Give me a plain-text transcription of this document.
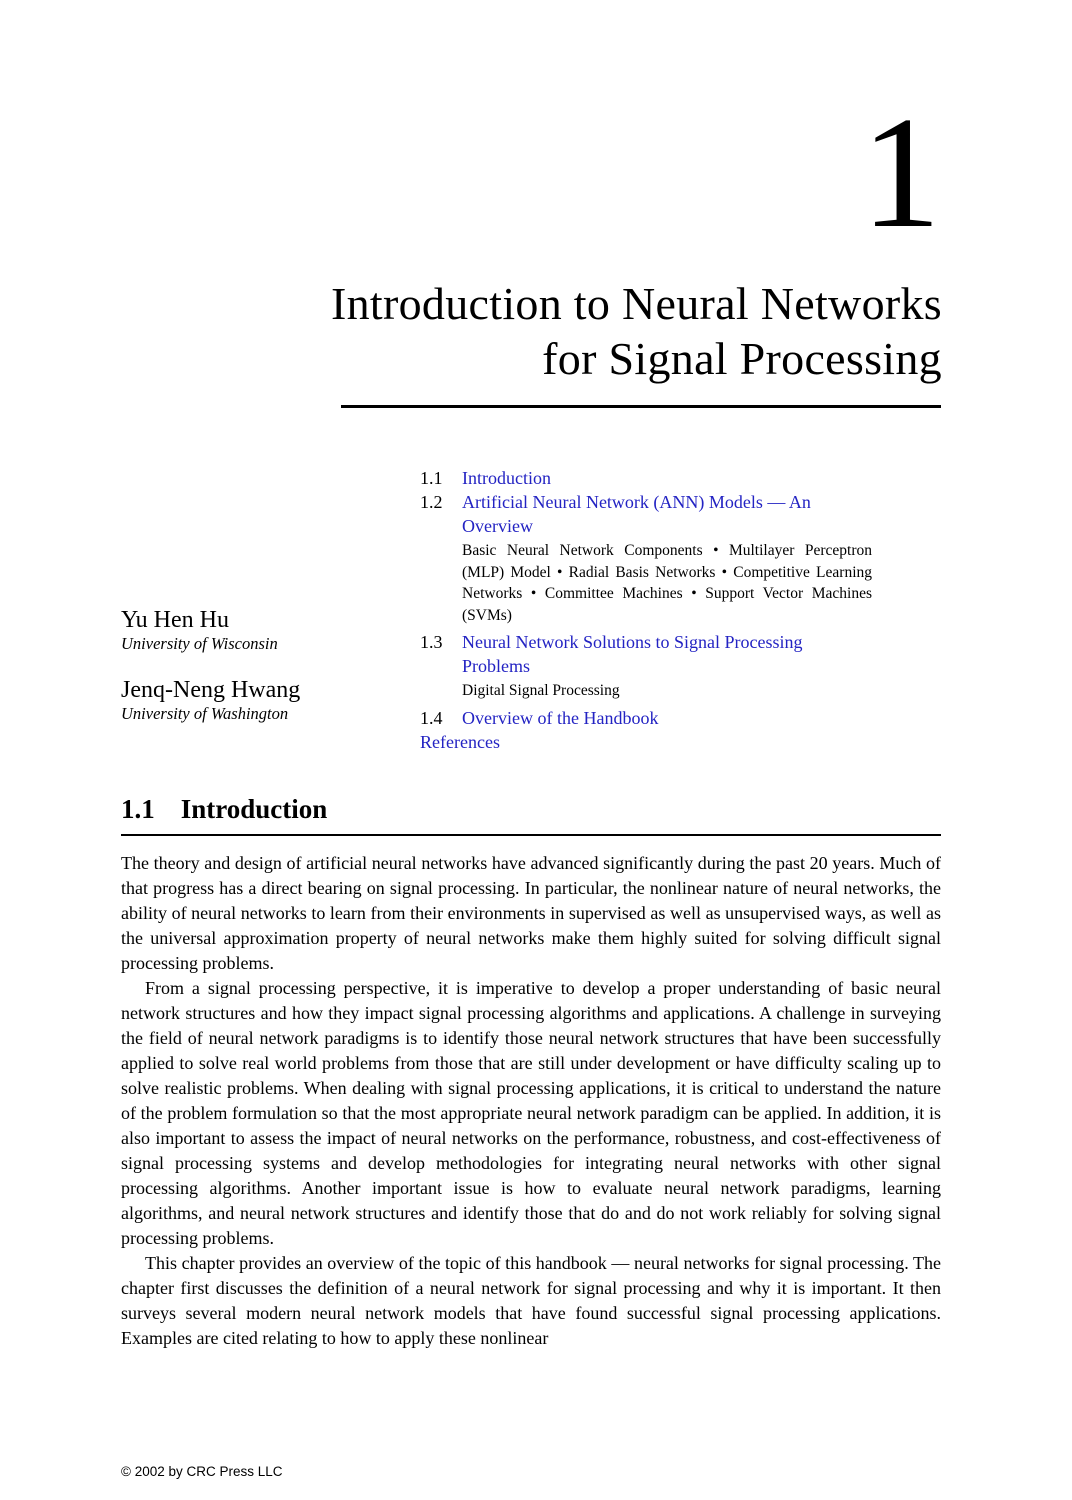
1
Introduction to Neural Networks
for Signal Processing
1.1	Introduction
1.2	Artificial Neural Network (ANN) Models — An Overview
Basic Neural Network Components • Multilayer Perceptron (MLP) Model • Radial Basis Networks • Competitive Learning Networks • Committee Machines • Support Vector Machines (SVMs)
1.3	Neural Network Solutions to Signal Processing Problems
Digital Signal Processing
1.4	Overview of the Handbook
References
Yu Hen Hu
University of Wisconsin
Jenq-Neng Hwang
University of Washington
1.1 Introduction

The theory and design of artificial neural networks have advanced significantly during the past 20 years. Much of that progress has a direct bearing on signal processing. In particular, the nonlinear nature of neural networks, the ability of neural networks to learn from their environments in supervised as well as unsupervised ways, as well as the universal approximation property of neural networks make them highly suited for solving difficult signal processing problems.

From a signal processing perspective, it is imperative to develop a proper understanding of basic neural network structures and how they impact signal processing algorithms and applications. A challenge in surveying the field of neural network paradigms is to identify those neural network structures that have been successfully applied to solve real world problems from those that are still under development or have difficulty scaling up to solve realistic problems. When dealing with signal processing applications, it is critical to understand the nature of the problem formulation so that the most appropriate neural network paradigm can be applied. In addition, it is also important to assess the impact of neural networks on the performance, robustness, and cost-effectiveness of signal processing systems and develop methodologies for integrating neural networks with other signal processing algorithms. Another important issue is how to evaluate neural network paradigms, learning algorithms, and neural network structures and identify those that do and do not work reliably for solving signal processing problems.

This chapter provides an overview of the topic of this handbook — neural networks for signal processing. The chapter first discusses the definition of a neural network for signal processing and why it is important. It then surveys several modern neural network models that have found successful signal processing applications. Examples are cited relating to how to apply these nonlinear

© 2002 by CRC Press LLC
